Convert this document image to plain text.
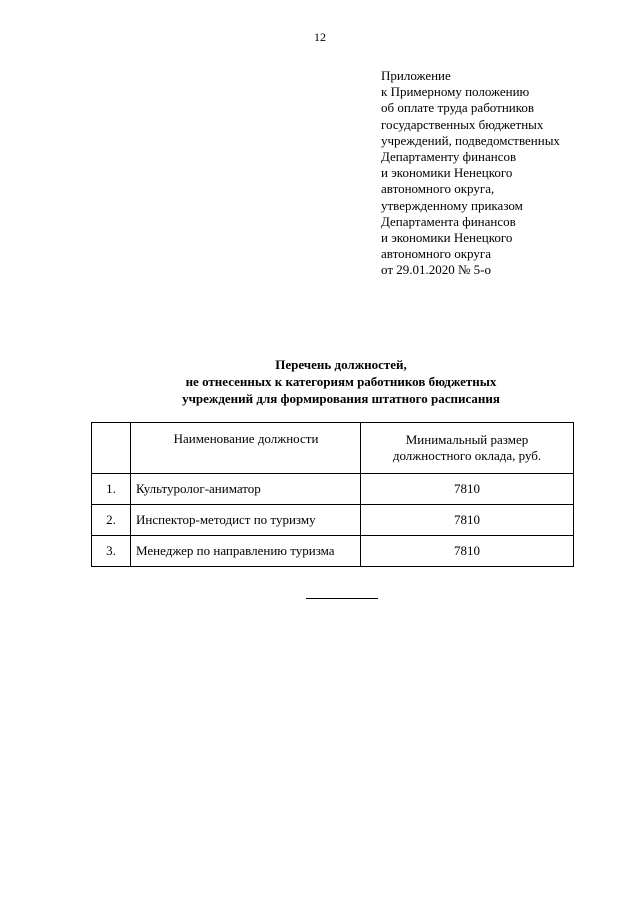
12
Приложение
к Примерному положению
об оплате труда работников
государственных бюджетных
учреждений, подведомственных
Департаменту финансов
и экономики Ненецкого
автономного округа,
утвержденному приказом
Департамента финансов
и экономики Ненецкого
автономного округа
от 29.01.2020 № 5-о
Перечень должностей,
не отнесенных к категориям работников бюджетных
учреждений для формирования штатного расписания
	Наименование должности	Минимальный размер
должностного оклада, руб.

1.	Культуролог-аниматор	7810
2.	Инспектор-методист по туризму	7810
3.	Менеджер по направлению туризма	7810
